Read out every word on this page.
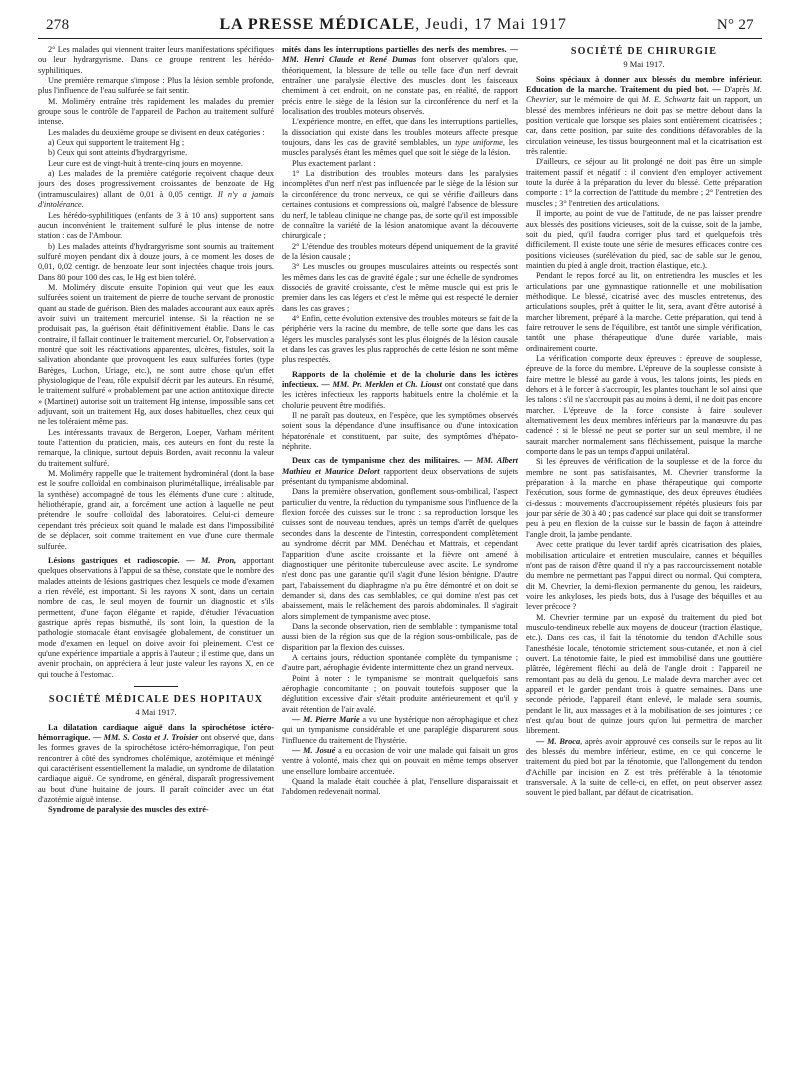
278	LA PRESSE MÉDICALE, Jeudi, 17 Mai 1917	N° 27

2° Les malades qui viennent traiter leurs manifestations spécifiques ou leur hydrargyrisme. Dans ce groupe rentrent les hérédo-syphilitiques.

Une première remarque s'impose : Plus la lésion semble profonde, plus l'influence de l'eau sulfurée se fait sentir.

M. Moliméry entraîne très rapidement les malades du premier groupe sous le contrôle de l'appareil de Pachon au traitement sulfuré intense.

Les malades du deuxième groupe se divisent en deux catégories :

a) Ceux qui supportent le traitement Hg ;

b) Ceux qui sont atteints d'hydrargyrisme.

Leur cure est de vingt-huit à trente-cinq jours en moyenne.

a) Les malades de la première catégorie reçoivent chaque deux jours des doses progressivement croissantes de benzoate de Hg (intramusculaires) allant de 0,01 à 0,05 centigr. Il n'y a jamais d'intolérance.

Les hérédo-syphilitiques (enfants de 3 à 10 ans) supportent sans aucun inconvénient le traitement sulfuré le plus intense de notre station : cas de l'Ambour.

b) Les malades atteints d'hydrargyrisme sont soumis au traitement sulfuré moyen pendant dix à douze jours, à ce moment les doses de 0,01, 0,02 centigr. de benzoate leur sont injectées chaque trois jours. Dans 80 pour 100 des cas, le Hg est bien toléré.

M. Moliméry discute ensuite l'opinion qui veut que les eaux sulfurées soient un traitement de pierre de touche servant de pronostic quant au stade de guérison. Bien des malades accourant aux eaux après avoir suivi un traitement mercuriel intense. Si la réaction ne se produisait pas, la guérison était définitivement établie. Dans le cas contraire, il fallait continuer le traitement mercuriel. Or, l'observation a montré que soit les réactivations apparentes, ulcères, fistules, soit la salivation abondante que provoquent les eaux sulfurées fortes (type Barèges, Luchon, Uriage, etc.), ne sont autre chose qu'un effet physiologique de l'eau, rôle expulsif décrit par les auteurs. En résumé, le traitement sulfuré « probablement par une action antitoxique directe » (Martinet) autorise soit un traitement Hg intense, impossible sans cet adjuvant, soit un traitement Hg, aux doses habituelles, chez ceux qui ne les toléraient même pas.

Les intéressants travaux de Bergeron, Loeper, Varham méritent toute l'attention du praticien, mais, ces auteurs en font du reste la remarque, la clinique, surtout depuis Borden, avait reconnu la valeur du traitement sulfuré.

M. Moliméry rappelle que le traitement hydrominéral (dont la base est le soufre colloïdal en combinaison plurimétallique, irréalisable par la synthèse) accompagné de tous les éléments d'une cure : altitude, héliothérapie, grand air, a forcément une action à laquelle ne peut prétendre le soufre colloïdal des laboratoires. Celui-ci demeure cependant très précieux soit quand le malade est dans l'impossibilité de se déplacer, soit comme traitement en vue d'une cure thermale sulfurée.

Lésions gastriques et radioscopie. — M. Pron, apportant quelques observations à l'appui de sa thèse, constate que le nombre des malades atteints de lésions gastriques chez lesquels ce mode d'examen a rien révélé, est important. Si les rayons X sont, dans un certain nombre de cas, le seul moyen de fournir un diagnostic et s'ils permettent, d'une façon élégante et rapide, d'étudier l'évacuation gastrique après repas bismuthé, ils sont loin, la question de la pathologie stomacale étant envisagée globalement, de constituer un mode d'examen en lequel on doive avoir foi pleinement. C'est ce qu'une expérience impartiale a appris à l'auteur ; il estime que, dans un avenir prochain, on appréciera à leur juste valeur les rayons X, en ce qui touche à l'estomac.

SOCIÉTÉ MÉDICALE DES HOPITAUX
4 Mai 1917.

La dilatation cardiaque aiguë dans la spirochétose ictéro-hémorragique. — MM. S. Costa et J. Troisier ont observé que, dans les formes graves de la spirochétose ictéro-hémorragique, l'on peut rencontrer à côté des syndromes cholémique, azotémique et méningé qui caractérisent essentiellement la maladie, un syndrome de dilatation cardiaque aiguë. Ce syndrome, en général, disparaît progressivement au bout d'une huitaine de jours. Il paraît coïncider avec un état d'azotémie aiguë intense.

Syndrome de paralysie des muscles des extré-

mités dans les interruptions partielles des nerfs des membres. — MM. Henri Claude et René Dumas font observer qu'alors que, théoriquement, la blessure de telle ou telle face d'un nerf devrait entraîner une paralysie élective des muscles dont les faisceaux chemiment à cet endroit, on ne constate pas, en réalité, de rapport précis entre le siège de la lésion sur la circonférence du nerf et la localisation des troubles moteurs observés.

L'expérience montre, en effet, que dans les interruptions partielles, la dissociation qui existe dans les troubles moteurs affecte presque toujours, dans les cas de gravité semblables, un type uniforme, les muscles paralysés étant les mêmes quel que soit le siège de la lésion.

Plus exactement parlant :

1° La distribution des troubles moteurs dans les paralysies incomplètes d'un nerf n'est pas influencée par le siège de la lésion sur la circonférence du tronc nerveux, ce qui se vérifie d'ailleurs dans certaines contusions et compressions où, malgré l'absence de blessure du nerf, le tableau clinique ne change pas, de sorte qu'il est impossible de connaître la variété de la lésion anatomique avant la découverte chirurgicale ;

2° L'étendue des troubles moteurs dépend uniquement de la gravité de la lésion causale ;

3° Les muscles ou groupes musculaires atteints ou respectés sont les mêmes dans les cas de gravité égale ; sur une échelle de syndromes dissociés de gravité croissante, c'est le même muscle qui est pris le premier dans les cas légers et c'est le même qui est respecté le dernier dans les cas graves ;

4° Enfin, cette évolution extensive des troubles moteurs se fait de la périphérie vers la racine du membre, de telle sorte que dans les cas légers les muscles paralysés sont les plus éloignés de la lésion causale et dans les cas graves les plus rapprochés de cette lésion ne sont même plus respectés.

Rapports de la cholémie et de la cholurie dans les ictères infectieux. — MM. Pr. Merklen et Ch. Lioust ont constaté que dans les ictères infectieux les rapports habituels entre la cholémie et la cholurie peuvent être modifiés.

Il ne paraît pas douteux, en l'espèce, que les symptômes observés soient sous la dépendance d'une insuffisance ou d'une intoxication hépatorénale et constituent, par suite, des symptômes d'hépato-néphrite.

Deux cas de tympanisme chez des militaires. — MM. Albert Mathieu et Maurice Delort rapportent deux observations de sujets présentant du tympanisme abdominal.

Dans la première observation, gonflement sous-ombilical, l'aspect particulier du ventre, la réduction du tympanisme sous l'influence de la flexion forcée des cuisses sur le tronc : sa reproduction lorsque les cuisses sont de nouveau tendues, après un temps d'arrêt de quelques secondes dans la descente de l'intestin, correspondent complètement au syndrome décrit par MM. Denéchau et Mattrais, et cependant l'apparition d'une ascite croissante et la fièvre ont amené à diagnostiquer une péritonite tuberculeuse avec ascite. Le syndrome n'est donc pas une garantie qu'il s'agit d'une lésion bénigne. D'autre part, l'abaissement du diaphragme n'a pu être démontré et on doit se demander si, dans des cas semblables, ce qui domine n'est pas cet abaissement, mais le relâchement des parois abdominales. Il s'agirait alors simplement de tympanisme avec ptose.

Dans la seconde observation, rien de semblable : tympanisme total aussi bien de la région sus que de la région sous-ombilicale, pas de disparition par la flexion des cuisses.

A certains jours, réduction spontanée complète du tympanisme ; d'autre part, aérophagie évidente intermittente chez un grand nerveux.

Point à noter : le tympanisme se montrait quelquefois sans aérophagie concomitante ; on pouvait toutefois supposer que la déglutition excessive d'air s'était produite antérieurement et qu'il y avait rétention de l'air avalé.

— M. Pierre Marie a vu une hystérique non aérophagique et chez qui un tympanisme considérable et une paraplégie disparurent sous l'influence du traitement de l'hystérie.

— M. Josué a eu occasion de voir une malade qui faisait un gros ventre à volonté, mais chez qui on pouvait en même temps observer une ensellure lombaire accentuée.

Quand la malade était couchée à plat, l'ensellure disparaissait et l'abdomen redevenait normal.

SOCIÉTÉ DE CHIRURGIE
9 Mai 1917.

Soins spéciaux à donner aux blessés du membre inférieur. Education de la marche. Traitement du pied bot. — D'après M. Chevrier, sur le mémoire de qui M. E. Schwartz fait un rapport, un blessé des membres inférieurs ne doit pas se mettre debout dans la position verticale que lorsque ses plaies sont entièrement cicatrisées ; car, dans cette position, par suite des conditions défavorables de la circulation veineuse, les tissus bourgeonnent mal et la cicatrisation est très ralentie.

D'ailleurs, ce séjour au lit prolongé ne doit pas être un simple traitement passif et négatif : il convient d'en employer activement toute la durée à la préparation du lever du blessé. Cette préparation comporte : 1° la correction de l'attitude du membre ; 2° l'entretien des muscles ; 3° l'entretien des articulations.

Il importe, au point de vue de l'attitude, de ne pas laisser prendre aux blessés des positions vicieuses, soit de la cuisse, soit de la jambe, soit du pied, qu'il faudra corriger plus tard et quelquefois très difficilement. Il existe toute une série de mesures efficaces contre ces positions vicieuses (surélévation du pied, sac de sable sur le genou, maintien du pied à angle droit, traction élastique, etc.).

Pendant le repos forcé au lit, on entretiendra les muscles et les articulations par une gymnastique rationnelle et une mobilisation méthodique. Le blessé, cicatrisé avec des muscles entretenus, des articulations souples, prêt à quitter le lit, sera, avant d'être autorisé à marcher librement, préparé à la marche. Cette préparation, qui tend à faire retrouver le sens de l'équilibre, est tantôt une simple vérification, tantôt une phase thérapeutique d'une durée variable, mais ordinairement courte.

La vérification comporte deux épreuves : épreuve de souplesse, épreuve de la force du membre. L'épreuve de la souplesse consiste à faire mettre le blessé au garde à vous, les talons joints, les pieds en dehors et à le forcer à s'accroupir, les plantes touchant le sol ainsi que les talons : s'il ne s'accroupit pas au moins à demi, il ne doit pas encore marcher. L'épreuve de la force consiste à faire soulever alternativement les deux membres inférieurs par la manœuvre du pas cadencé : si le blessé ne peut se porter sur un seul membre, il ne saurait marcher normalement sans fléchissement, puisque la marche comporte dans le pas un temps d'appui unilatéral.

Si les épreuves de vérification de la souplesse et de la force du membre ne sont pas satisfaisantes, M. Chevrier transforme la préparation à la marche en phase thérapeutique qui comporte l'exécution, sous forme de gymnastique, des deux épreuves étudiées ci-dessus : mouvements d'accroupissement répétés plusieurs fois par jour par série de 30 à 40 ; pas cadencé sur place qui doit se transformer peu à peu en flexion de la cuisse sur le bassin de façon à atteindre l'angle droit, la jambe pendante.

Avec cette pratique du lever tardif après cicatrisation des plaies, mobilisation articulaire et entretien musculaire, cannes et béquilles n'ont pas de raison d'être quand il n'y a pas raccourcissement notable du membre ne permettant pas l'appui direct ou normal. Qui comptera, dit M. Chevrier, la demi-flexion permanente du genou, les raideurs, voire les ankyloses, les pieds bots, dus à l'usage des béquilles et au lever précoce ?

M. Chevrier termine par un exposé du traitement du pied bot musculo-tendineux rebelle aux moyens de douceur (traction élastique, etc.). Dans ces cas, il fait la ténotomie du tendon d'Achille sous l'anesthésie locale, ténotomie strictement sous-cutanée, et non à ciel ouvert. La ténotomie faite, le pied est immobilisé dans une gouttière plâtrée, légèrement fléchi au delà de l'angle droit : l'appareil ne remontant pas au delà du genou. Le malade devra marcher avec cet appareil et le garder pendant trois à quatre semaines. Dans une seconde période, l'appareil étant enlevé, le malade sera soumis, pendant le lit, aux massages et à la mobilisation de ses jointures ; ce n'est qu'au bout de quinze jours qu'on lui permettra de marcher librement.

— M. Broca, après avoir approuvé ces conseils sur le repos au lit des blessés du membre inférieur, estime, en ce qui concerne le traitement du pied bot par la ténotomie, que l'allongement du tendon d'Achille par incision en Z est très préférable à la ténotomie transversale. A la suite de celle-ci, en effet, on peut observer assez souvent le pied ballant, par défaut de cicatrisation.
